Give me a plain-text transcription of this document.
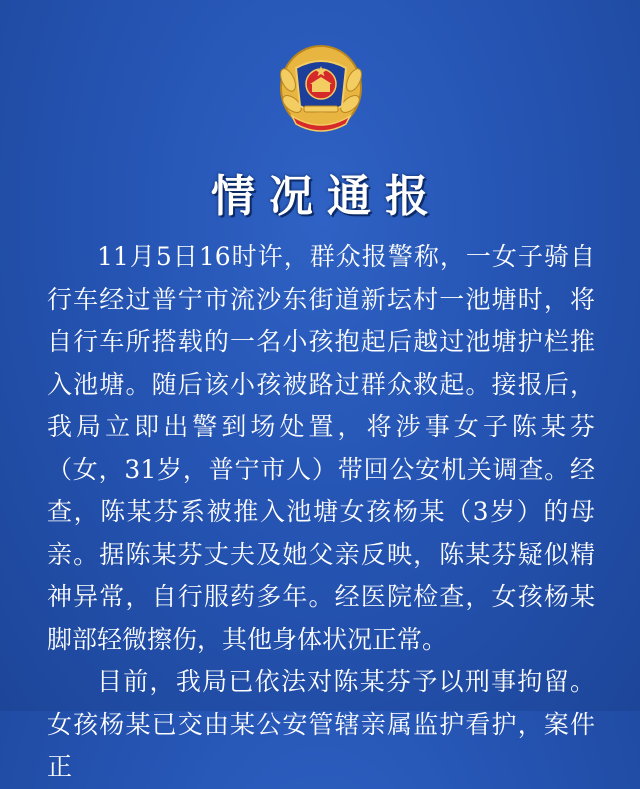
情况通报

11月5日16时许，群众报警称，一女子骑自行车经过普宁市流沙东街道新坛村一池塘时，将自行车所搭载的一名小孩抱起后越过池塘护栏推入池塘。随后该小孩被路过群众救起。接报后，我局立即出警到场处置，将涉事女子陈某芬（女，31岁，普宁市人）带回公安机关调查。经查，陈某芬系被推入池塘女孩杨某（3岁）的母亲。据陈某芬丈夫及她父亲反映，陈某芬疑似精神异常，自行服药多年。经医院检查，女孩杨某脚部轻微擦伤，其他身体状况正常。

目前，我局已依法对陈某芬予以刑事拘留。女孩杨某已交由某公安管辖亲属监护看护，案件正
